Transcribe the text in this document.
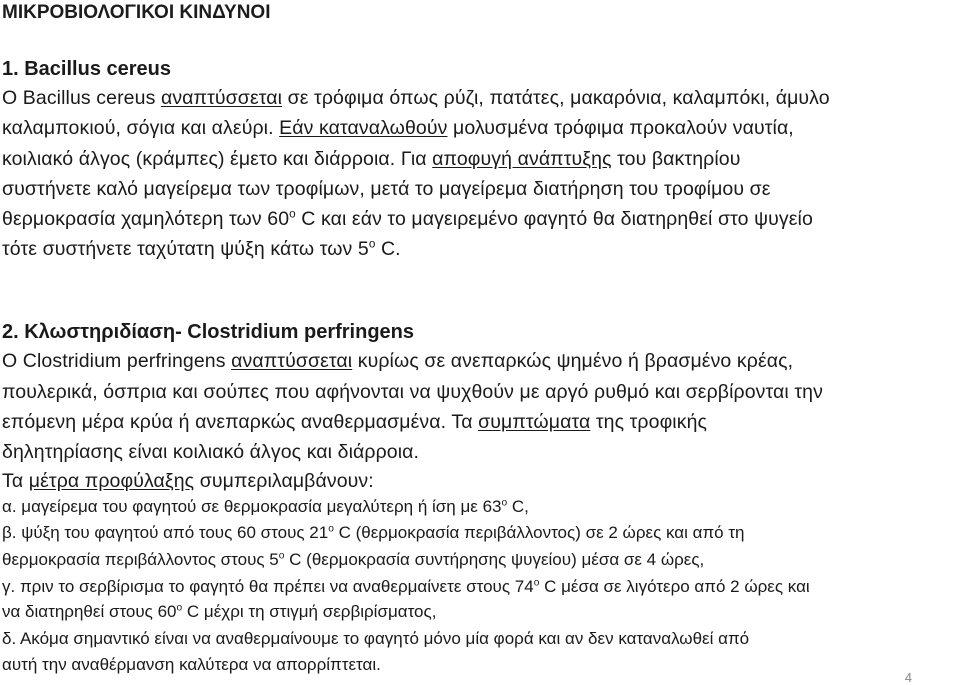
ΜΙΚΡΟΒΙΟΛΟΓΙΚΟΙ ΚΙΝΔΥΝΟΙ

1. Bacillus cereus

Ο Bacillus cereus αναπτύσσεται σε τρόφιμα όπως ρύζι, πατάτες, μακαρόνια, καλαμπόκι, άμυλο

καλαμποκιού, σόγια και αλεύρι. Εάν καταναλωθούν μολυσμένα τρόφιμα προκαλούν ναυτία,

κοιλιακό άλγος (κράμπες) έμετο και διάρροια. Για αποφυγή ανάπτυξης του βακτηρίου

συστήνετε καλό μαγείρεμα των τροφίμων, μετά το μαγείρεμα διατήρηση του τροφίμου σε

θερμοκρασία χαμηλότερη των $60^o$ C και εάν το μαγειρεμένο φαγητό θα διατηρηθεί στο ψυγείο

τότε συστήνετε ταχύτατη ψύξη κάτω των $5^o$ C.

2. Κλωστηριδίαση- Clostridium perfringens

Ο Clostridium perfringens αναπτύσσεται κυρίως σε ανεπαρκώς ψημένο ή βρασμένο κρέας,

πουλερικά, όσπρια και σούπες που αφήνονται να ψυχθούν με αργό ρυθμό και σερβίρονται την

επόμενη μέρα κρύα ή ανεπαρκώς αναθερμασμένα. Τα συμπτώματα της τροφικής

δηλητηρίασης είναι κοιλιακό άλγος και διάρροια.

Τα μέτρα προφύλαξης συμπεριλαμβάνουν:

α. μαγείρεμα του φαγητού σε θερμοκρασία μεγαλύτερη ή ίση με $63^o$ C,

β. ψύξη του φαγητού από τους 60 στους $21^o$ C (θερμοκρασία περιβάλλοντος) σε 2 ώρες και από τη

θερμοκρασία περιβάλλοντος στους $5^o$ C (θερμοκρασία συντήρησης ψυγείου) μέσα σε 4 ώρες,

γ. πριν το σερβίρισμα το φαγητό θα πρέπει να αναθερμαίνετε στους $74^o$ C μέσα σε λιγότερο από 2 ώρες και

να διατηρηθεί στους $60^o$ C μέχρι τη στιγμή σερβιρίσματος,

δ. Ακόμα σημαντικό είναι να αναθερμαίνουμε το φαγητό μόνο μία φορά και αν δεν καταναλωθεί από

αυτή την αναθέρμανση καλύτερα να απορρίπτεται.

4
